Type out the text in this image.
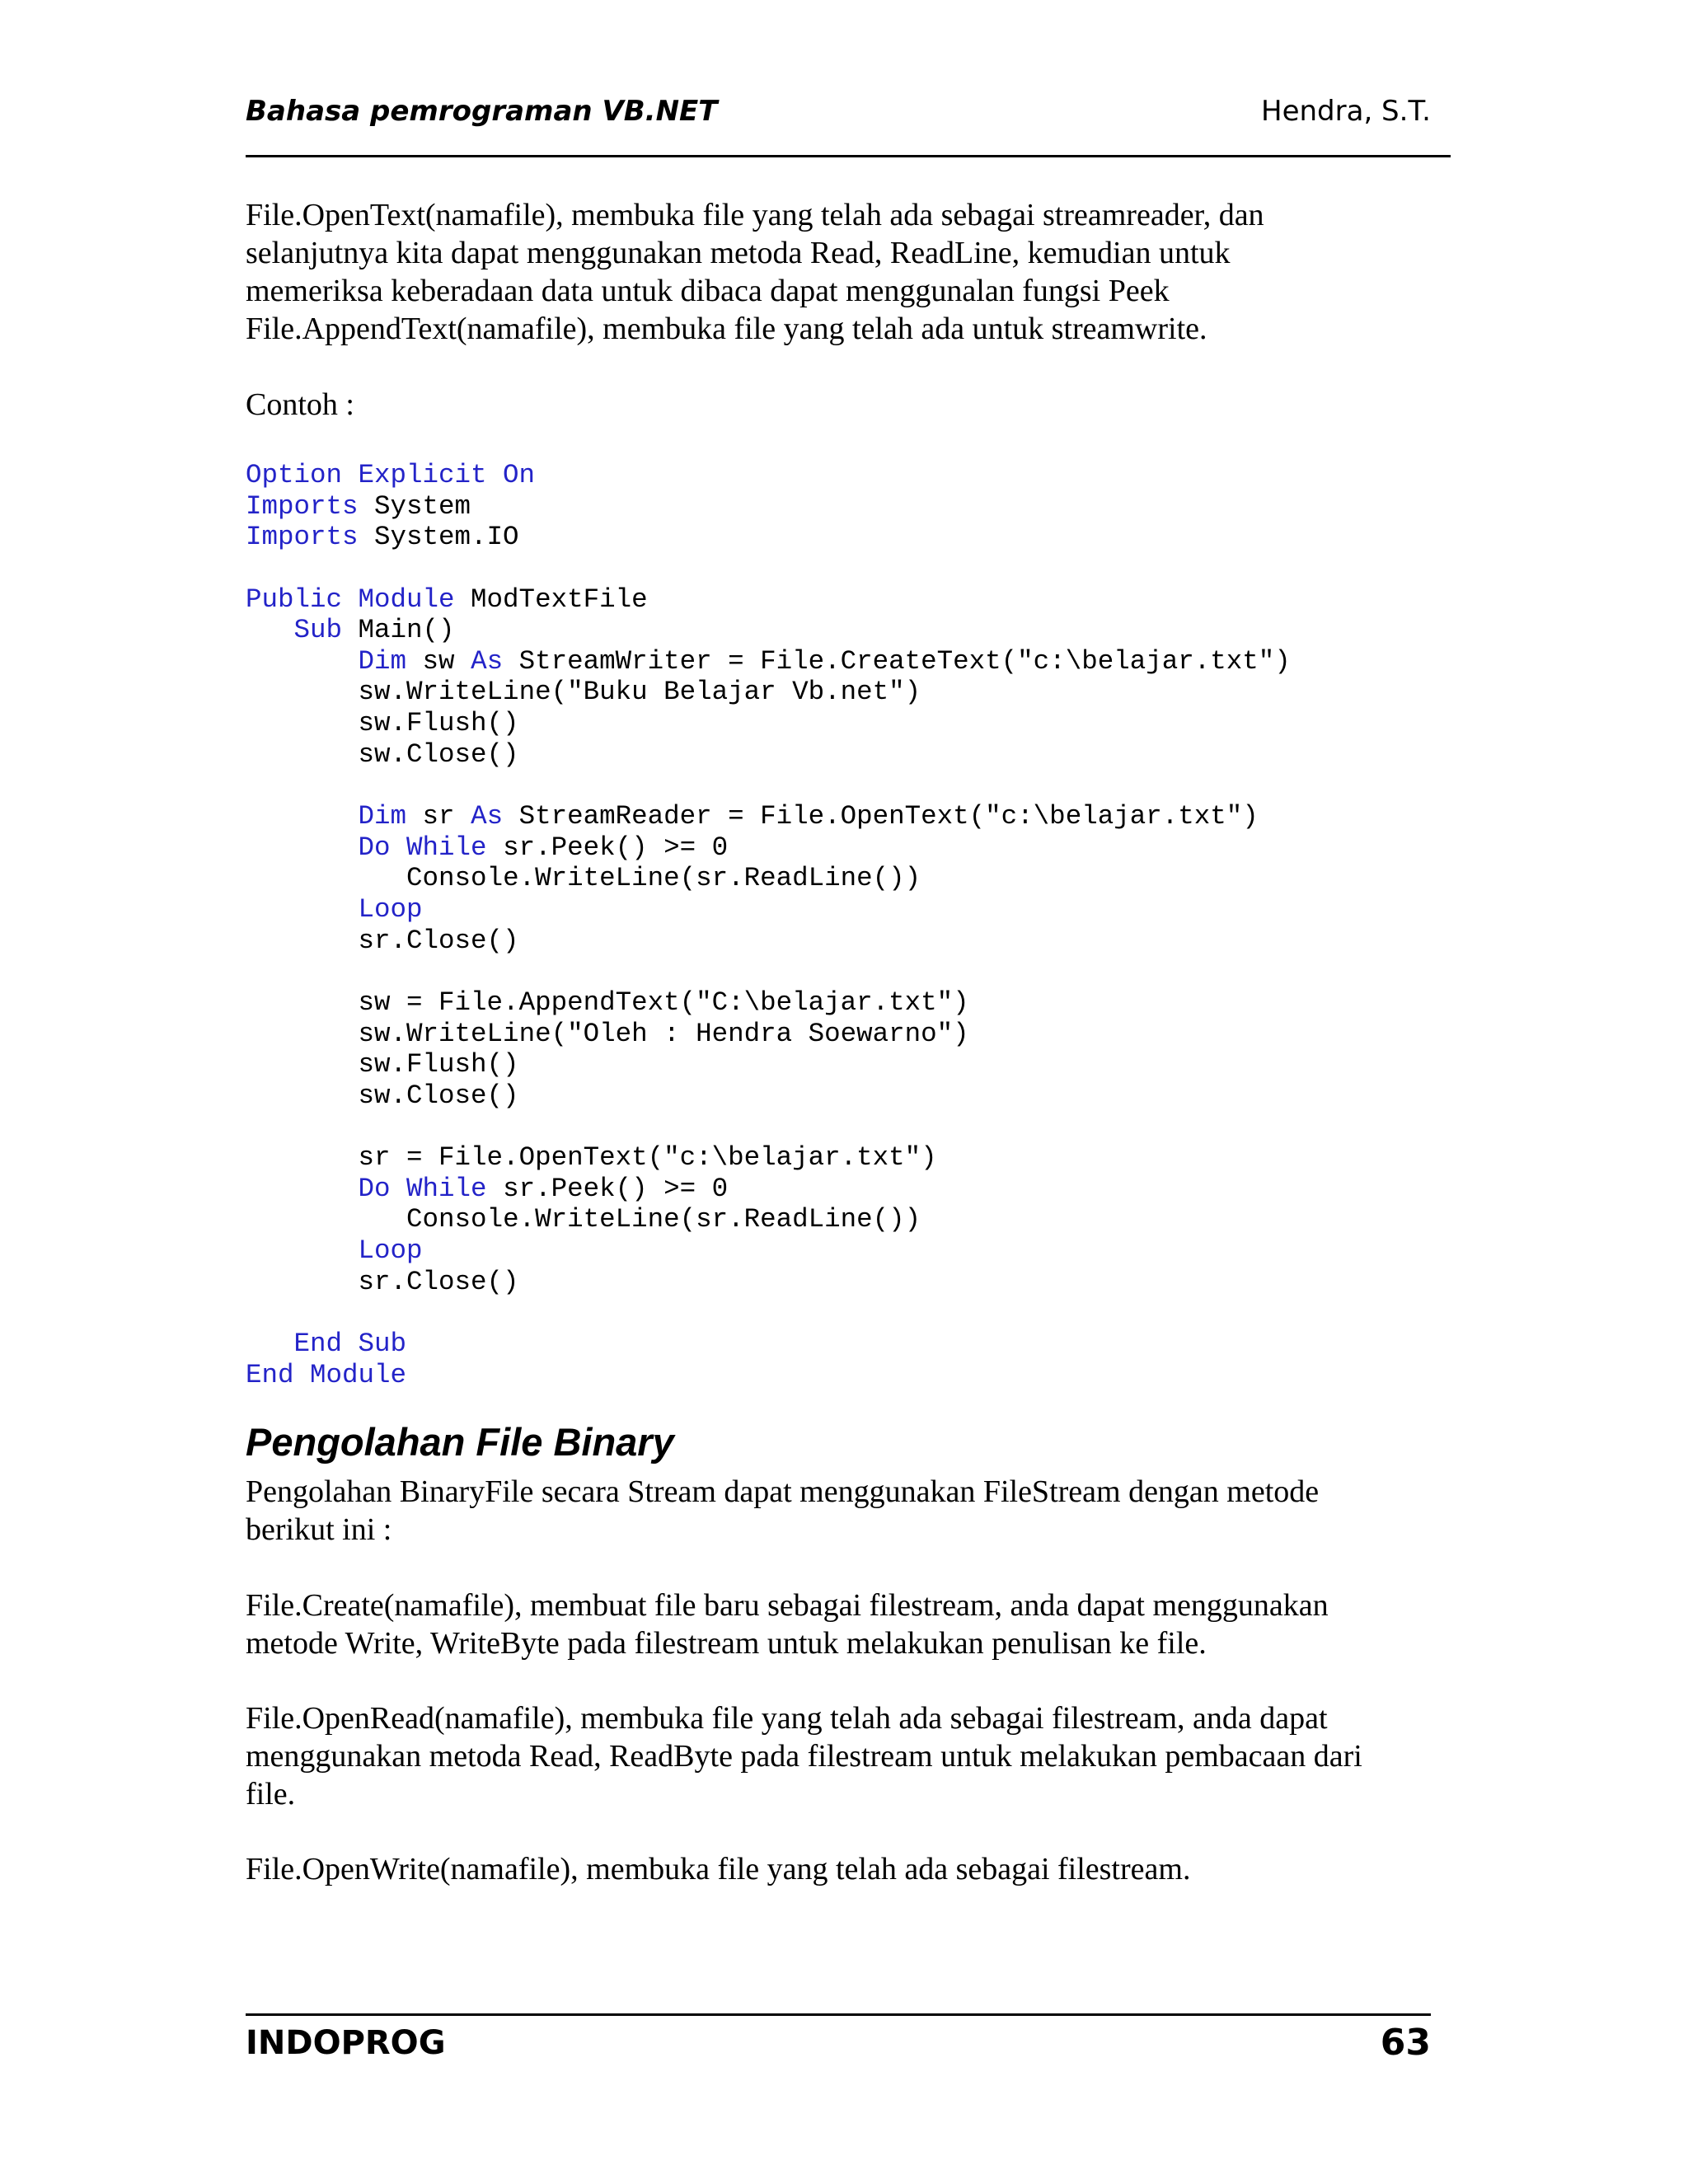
Bahasa pemrograman VB.NET	Hendra, S.T.
File.OpenText(namafile), membuka file yang telah ada sebagai streamreader, dan
selanjutnya kita dapat menggunakan metoda Read, ReadLine, kemudian untuk
memeriksa keberadaan data untuk dibaca dapat menggunalan fungsi Peek
File.AppendText(namafile), membuka file yang telah ada untuk streamwrite.
Contoh :
Option Explicit On
Imports System
Imports System.IO
Public Module ModTextFile
Sub Main()
Dim sw As StreamWriter = File.CreateText("c:\belajar.txt")
sw.WriteLine("Buku Belajar Vb.net")
sw.Flush()
sw.Close()
Dim sr As StreamReader = File.OpenText("c:\belajar.txt")
Do While sr.Peek() >= 0
Console.WriteLine(sr.ReadLine())
Loop
sr.Close()
sw = File.AppendText("C:\belajar.txt")
sw.WriteLine("Oleh : Hendra Soewarno")
sw.Flush()
sw.Close()
sr = File.OpenText("c:\belajar.txt")
Do While sr.Peek() >= 0
Console.WriteLine(sr.ReadLine())
Loop
sr.Close()
End Sub
End Module
Pengolahan File Binary
Pengolahan BinaryFile secara Stream dapat menggunakan FileStream dengan metode
berikut ini :
File.Create(namafile), membuat file baru sebagai filestream, anda dapat menggunakan
metode Write, WriteByte pada filestream untuk melakukan penulisan ke file.
File.OpenRead(namafile), membuka file yang telah ada sebagai filestream, anda dapat
menggunakan metoda Read, ReadByte pada filestream untuk melakukan pembacaan dari
file.
File.OpenWrite(namafile), membuka file yang telah ada sebagai filestream.
INDOPROG	63
